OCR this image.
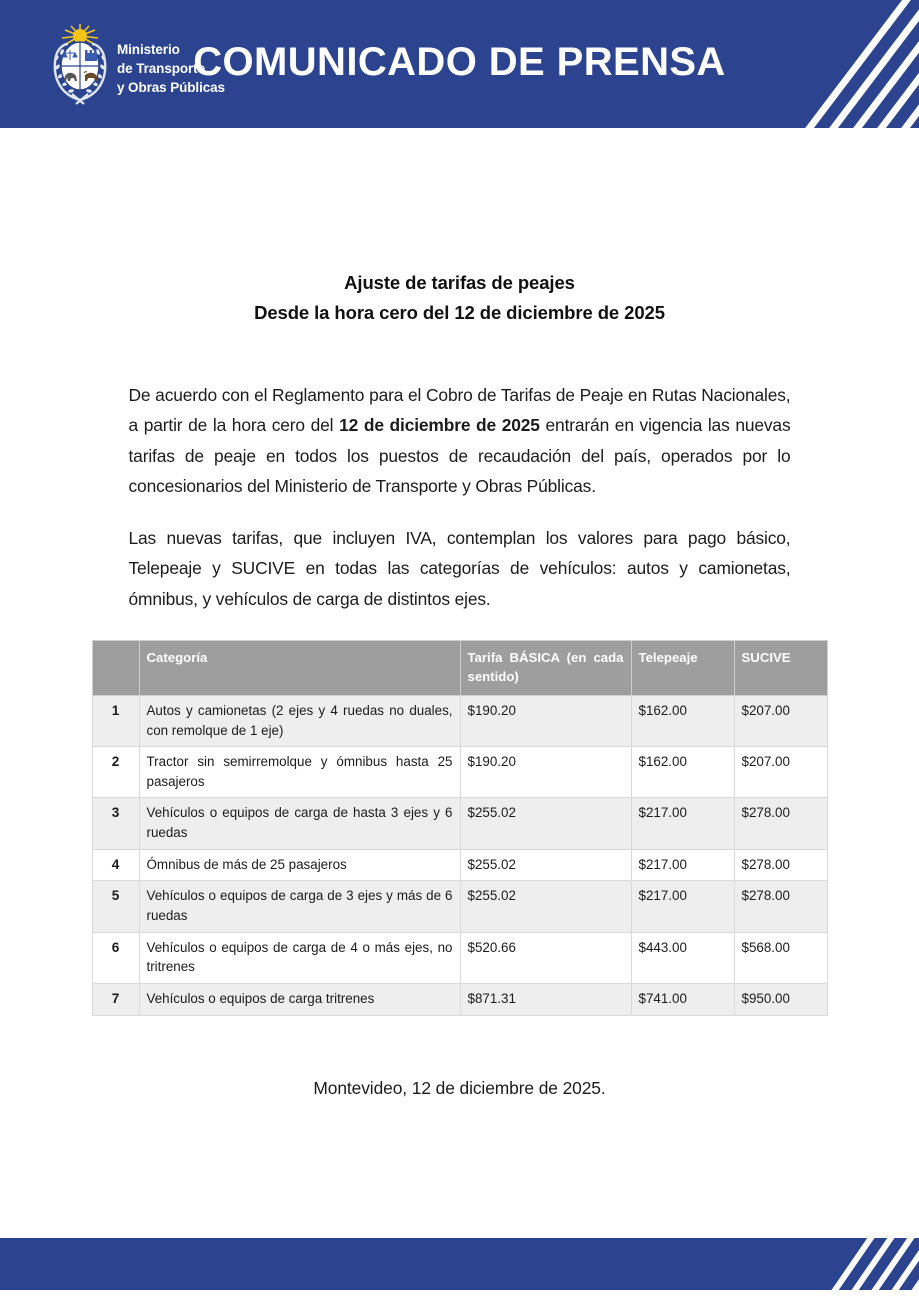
Ministerio
de Transporte
y Obras Públicas
COMUNICADO DE PRENSA
Ajuste de tarifas de peajes
Desde la hora cero del 12 de diciembre de 2025

De acuerdo con el Reglamento para el Cobro de Tarifas de Peaje en Rutas Nacionales, a partir de la hora cero del 12 de diciembre de 2025 entrarán en vigencia las nuevas tarifas de peaje en todos los puestos de recaudación del país, operados por lo concesionarios del Ministerio de Transporte y Obras Públicas.

Las nuevas tarifas, que incluyen IVA, contemplan los valores para pago básico, Telepeaje y SUCIVE en todas las categorías de vehículos: autos y camionetas, ómnibus, y vehículos de carga de distintos ejes.

	Categoría	Tarifa BÁSICA (en cada sentido)	Telepeaje	SUCIVE
1	Autos y camionetas (2 ejes y 4 ruedas no duales, con remolque de 1 eje)	$190.20	$162.00	$207.00
2	Tractor sin semirremolque y ómnibus hasta 25 pasajeros	$190.20	$162.00	$207.00
3	Vehículos o equipos de carga de hasta 3 ejes y 6 ruedas	$255.02	$217.00	$278.00
4	Ómnibus de más de 25 pasajeros	$255.02	$217.00	$278.00
5	Vehículos o equipos de carga de 3 ejes y más de 6 ruedas	$255.02	$217.00	$278.00
6	Vehículos o equipos de carga de 4 o más ejes, no tritrenes	$520.66	$443.00	$568.00
7	Vehículos o equipos de carga tritrenes	$871.31	$741.00	$950.00
Montevideo, 12 de diciembre de 2025.
